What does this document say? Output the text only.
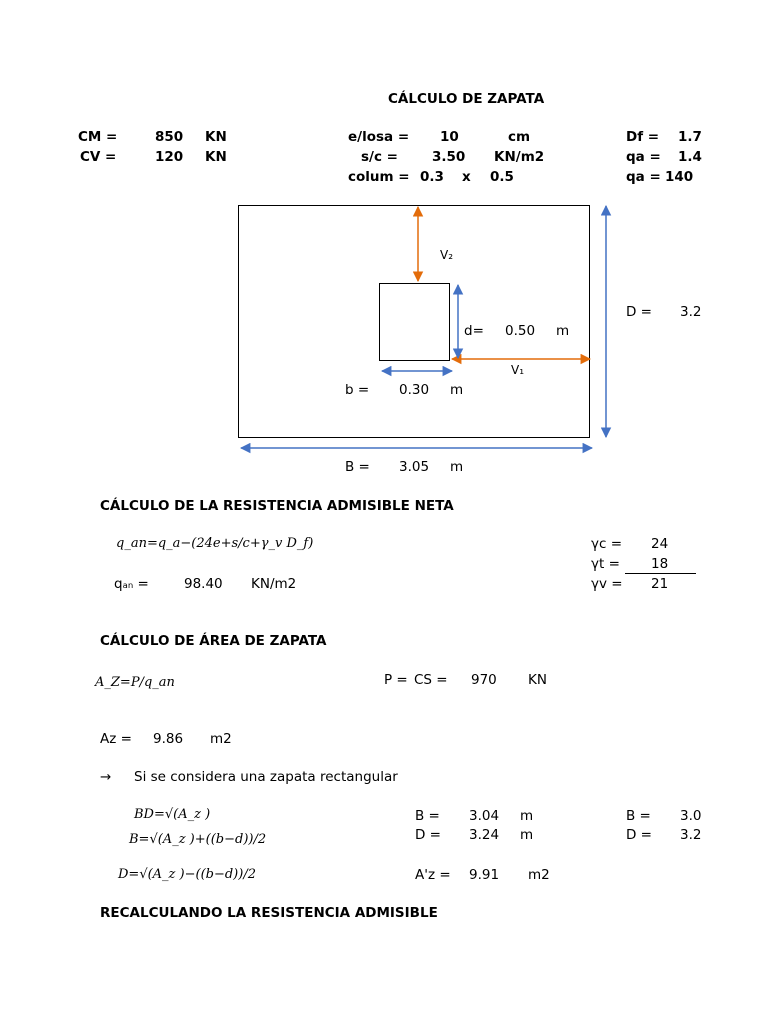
CÁLCULO DE ZAPATA
CM =	850 KN
CV =	120 KN
e/losa = 10	cm
s/c =	3.50 KN/m2
colum = 0.3 x 0.5
Df = 1.7
qa = 1.4
qa = 140
V₂
V₁
d= 0.50 m
b = 0.30 m
D = 3.2
B = 3.05 m
CÁLCULO DE LA RESISTENCIA ADMISIBLE NETA
q_an=q_a−(24e+s/c+γ_v D_f)
qₐₙ =	98.40 KN/m2
γc = 24
γt = 18
γv = 21
CÁLCULO DE ÁREA DE ZAPATA
A_Z=P/q_an	P = CS = 970 KN
Aᴢ = 9.86 m2
→ Si se considera una zapata rectangular
BD=√(A_z )
B=√(A_z )+((b−d))/2
D=√(A_z )−((b−d))/2
B = 3.04 m
D = 3.24 m
B = 3.0
D = 3.2
A'ᴢ = 9.91 m2
RECALCULANDO LA RESISTENCIA ADMISIBLE
